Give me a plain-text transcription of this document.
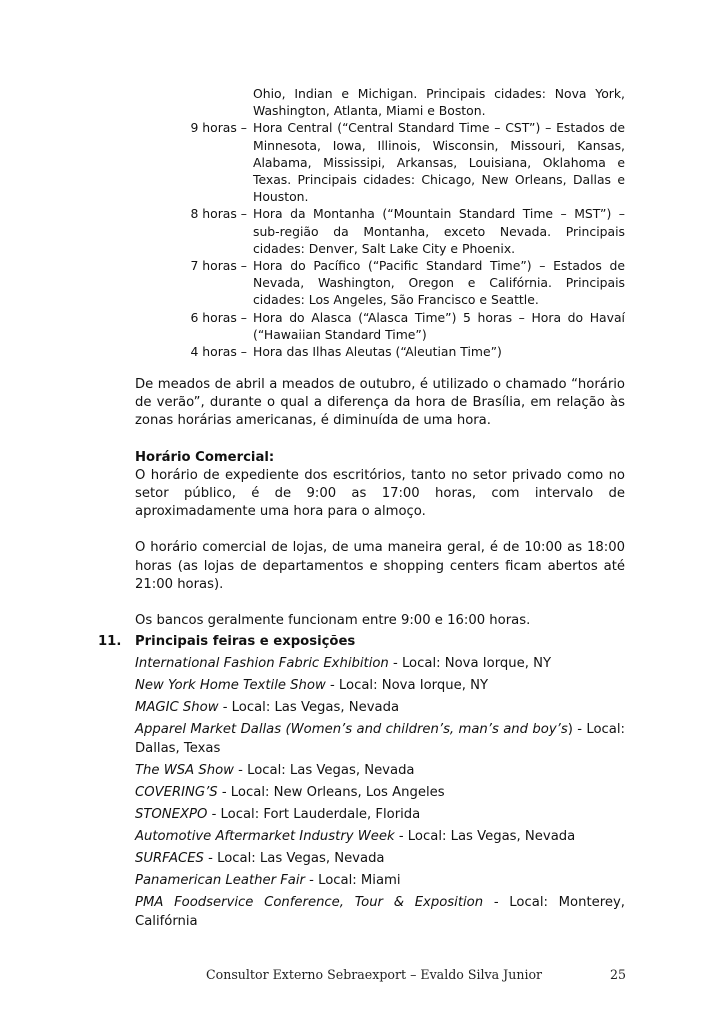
Ohio, Indian e Michigan. Principais cidades: Nova York, Washington, Atlanta, Miami e Boston.
9 horas – Hora Central (“Central Standard Time – CST”) – Estados de Minnesota, Iowa, Illinois, Wisconsin, Missouri, Kansas, Alabama, Mississipi, Arkansas, Louisiana, Oklahoma e Texas. Principais cidades: Chicago, New Orleans, Dallas e Houston.
8 horas – Hora da Montanha (“Mountain Standard Time – MST”) – sub-região da Montanha, exceto Nevada. Principais cidades: Denver, Salt Lake City e Phoenix.
7 horas – Hora do Pacífico (“Pacific Standard Time”) – Estados de Nevada, Washington, Oregon e Califórnia. Principais cidades: Los Angeles, São Francisco e Seattle.
6 horas – Hora do Alasca (“Alasca Time”) 5 horas – Hora do Havaí (“Hawaiian Standard Time”)
4 horas – Hora das Ilhas Aleutas (“Aleutian Time”)

De meados de abril a meados de outubro, é utilizado o chamado “horário de verão”, durante o qual a diferença da hora de Brasília, em relação às zonas horárias americanas, é diminuída de uma hora.

Horário Comercial:
O horário de expediente dos escritórios, tanto no setor privado como no setor público, é de 9:00 as 17:00 horas, com intervalo de aproximadamente uma hora para o almoço.

O horário comercial de lojas, de uma maneira geral, é de 10:00 as 18:00 horas (as lojas de departamentos e shopping centers ficam abertos até 21:00 horas).

Os bancos geralmente funcionam entre 9:00 e 16:00 horas.

11.	Principais feiras e exposições

International Fashion Fabric Exhibition - Local: Nova Iorque, NY

New York Home Textile Show - Local: Nova Iorque, NY

MAGIC Show - Local: Las Vegas, Nevada

Apparel Market Dallas (Women’s and children’s, man’s and boy’s) - Local: Dallas, Texas

The WSA Show - Local: Las Vegas, Nevada

COVERING’S - Local: New Orleans, Los Angeles

STONEXPO - Local: Fort Lauderdale, Florida

Automotive Aftermarket Industry Week - Local: Las Vegas, Nevada

SURFACES - Local: Las Vegas, Nevada

Panamerican Leather Fair - Local: Miami

PMA Foodservice Conference, Tour & Exposition - Local: Monterey, Califórnia

Consultor Externo Sebraexport – Evaldo Silva Junior	25
